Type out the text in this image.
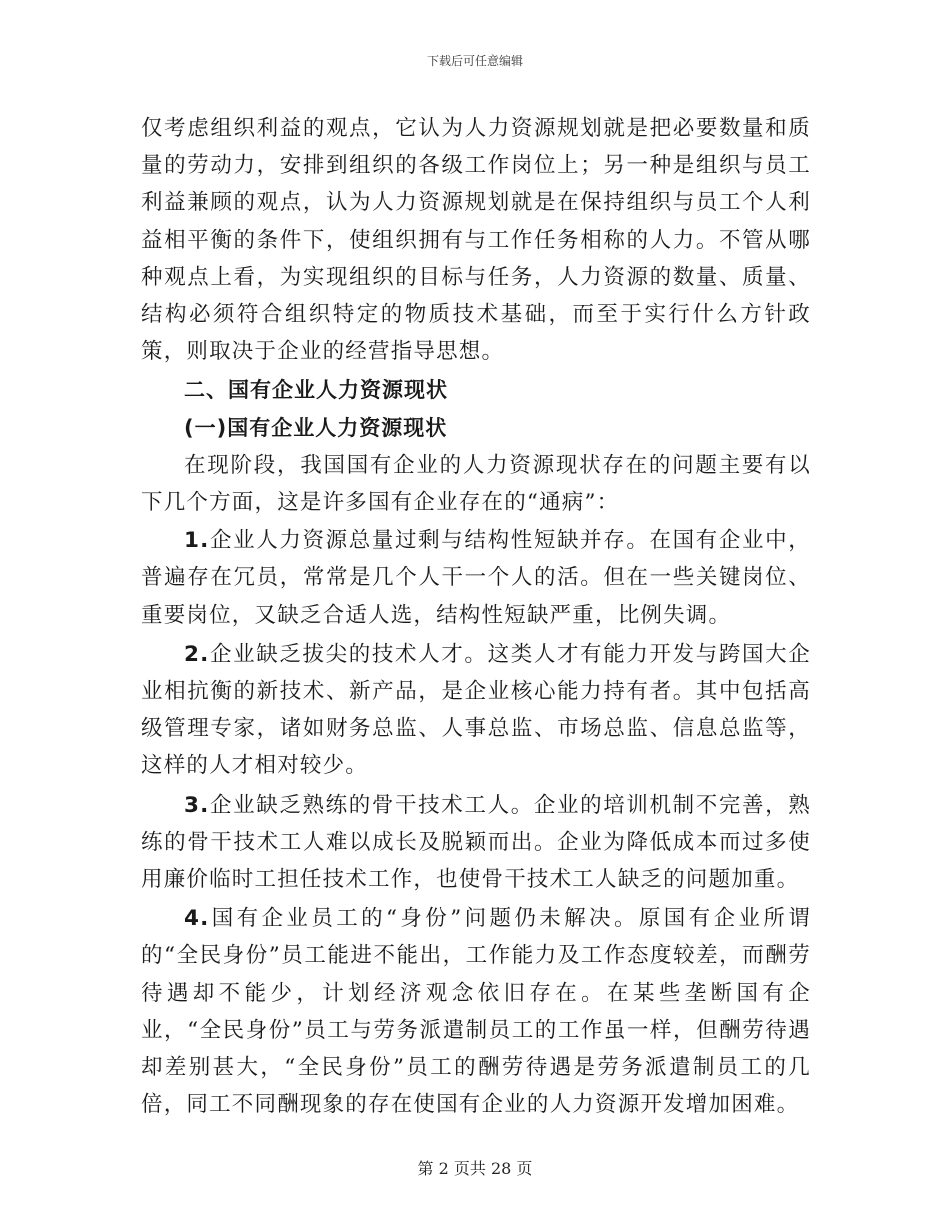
下载后可任意编辑

仅考虑组织利益的观点，它认为人力资源规划就是把必要数量和质量的劳动力，安排到组织的各级工作岗位上；另一种是组织与员工利益兼顾的观点，认为人力资源规划就是在保持组织与员工个人利益相平衡的条件下，使组织拥有与工作任务相称的人力。不管从哪种观点上看，为实现组织的目标与任务，人力资源的数量、质量、结构必须符合组织特定的物质技术基础，而至于实行什么方针政策，则取决于企业的经营指导思想。

二、国有企业人力资源现状

(一)国有企业人力资源现状

在现阶段，我国国有企业的人力资源现状存在的问题主要有以下几个方面，这是许多国有企业存在的“通病”：

1.企业人力资源总量过剩与结构性短缺并存。在国有企业中，普遍存在冗员，常常是几个人干一个人的活。但在一些关键岗位、重要岗位，又缺乏合适人选，结构性短缺严重，比例失调。

2.企业缺乏拔尖的技术人才。这类人才有能力开发与跨国大企业相抗衡的新技术、新产品，是企业核心能力持有者。其中包括高级管理专家，诸如财务总监、人事总监、市场总监、信息总监等，这样的人才相对较少。

3.企业缺乏熟练的骨干技术工人。企业的培训机制不完善，熟练的骨干技术工人难以成长及脱颖而出。企业为降低成本而过多使用廉价临时工担任技术工作，也使骨干技术工人缺乏的问题加重。

4.国有企业员工的“身份”问题仍未解决。原国有企业所谓的“全民身份”员工能进不能出，工作能力及工作态度较差，而酬劳待遇却不能少，计划经济观念依旧存在。在某些垄断国有企业，“全民身份”员工与劳务派遣制员工的工作虽一样，但酬劳待遇却差别甚大，“全民身份”员工的酬劳待遇是劳务派遣制员工的几倍，同工不同酬现象的存在使国有企业的人力资源开发增加困难。

第 2 页共 28 页
